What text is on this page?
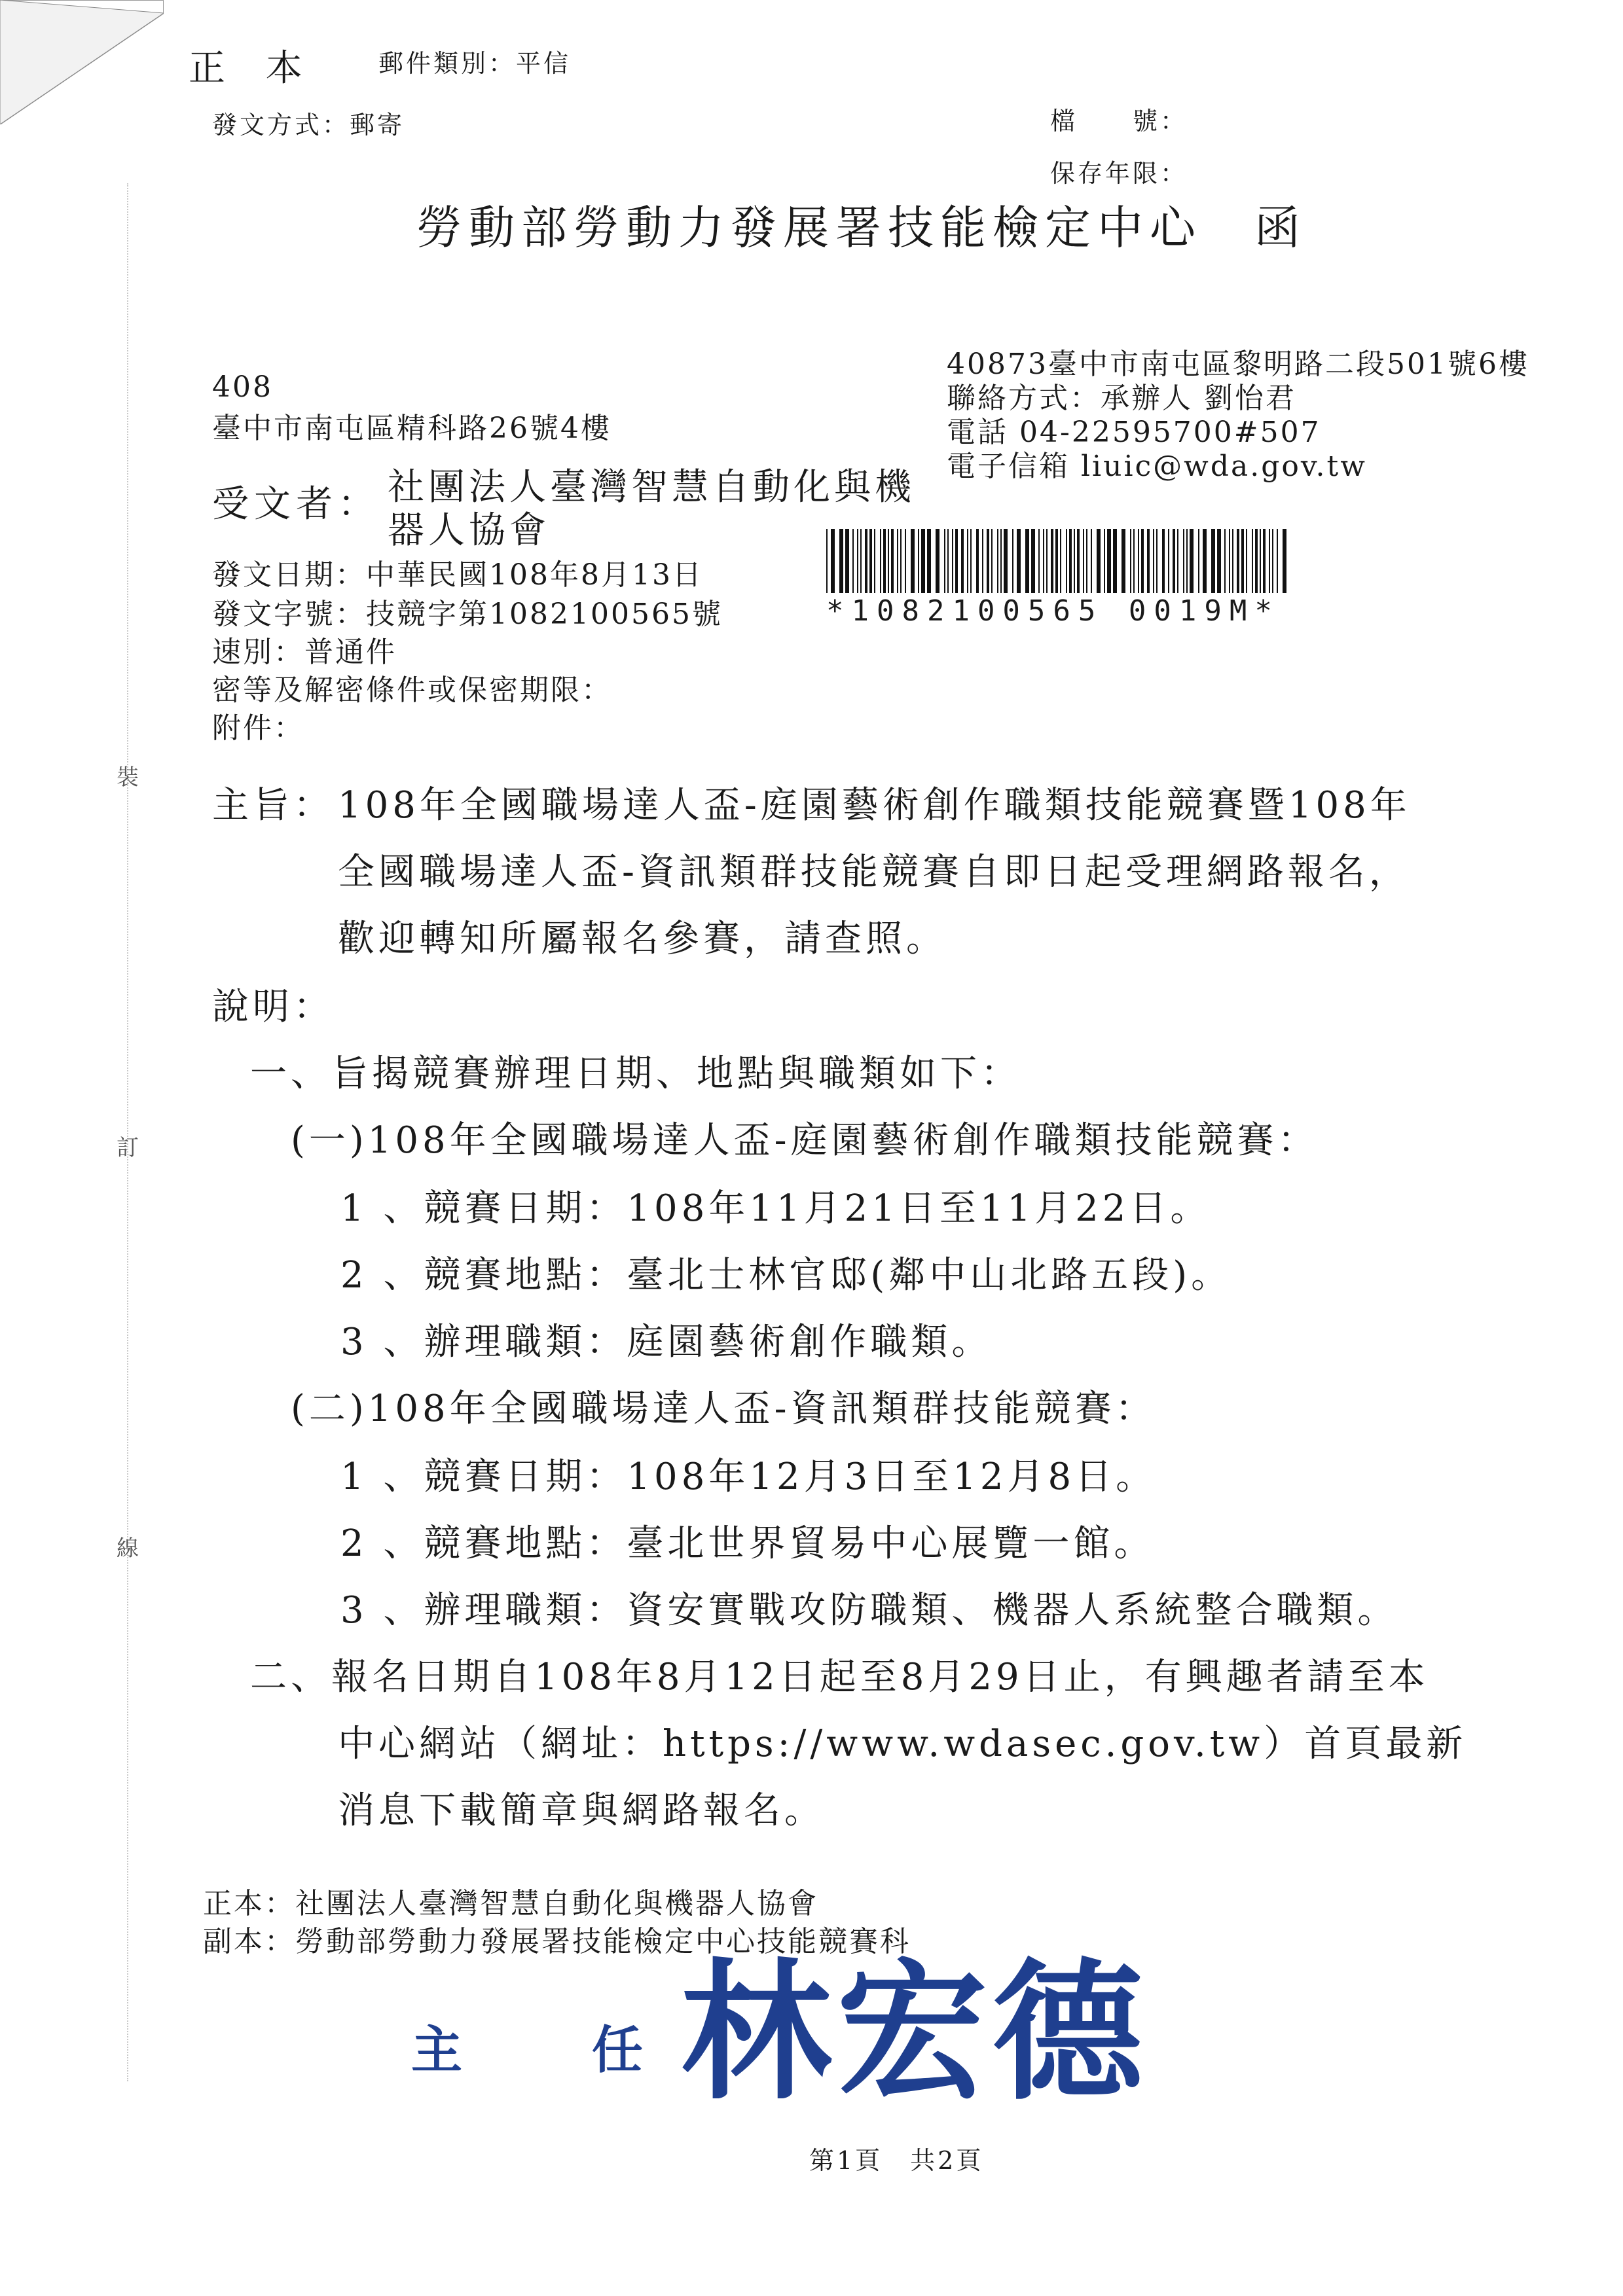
裝
訂
線
正 本 郵件類別：平信
發文方式：郵寄	檔　　號：
保存年限：
勞動部勞動力發展署技能檢定中心　函
40873臺中市南屯區黎明路二段501號6樓
聯絡方式：承辦人 劉怡君
電話 04-22595700#507
電子信箱 liuic@wda.gov.tw
408
臺中市南屯區精科路26號4樓
受文者： 社團法人臺灣智慧自動化與機
器人協會
發文日期：中華民國108年8月13日
發文字號：技競字第1082100565號
速別：普通件
密等及解密條件或保密期限：
附件：
*1082100565 0019M*
主旨： 108年全國職場達人盃-庭園藝術創作職類技能競賽暨108年
全國職場達人盃-資訊類群技能競賽自即日起受理網路報名，
歡迎轉知所屬報名參賽，請查照。
說明：
一、旨揭競賽辦理日期、地點與職類如下：
(一)108年全國職場達人盃-庭園藝術創作職類技能競賽：
1 、競賽日期：108年11月21日至11月22日。
2 、競賽地點：臺北士林官邸(鄰中山北路五段)。
3 、辦理職類：庭園藝術創作職類。
(二)108年全國職場達人盃-資訊類群技能競賽：
1 、競賽日期：108年12月3日至12月8日。
2 、競賽地點：臺北世界貿易中心展覽一館。
3 、辦理職類：資安實戰攻防職類、機器人系統整合職類。
二、報名日期自108年8月12日起至8月29日止，有興趣者請至本
中心網站（網址：https://www.wdasec.gov.tw）首頁最新
消息下載簡章與網路報名。
正本：社團法人臺灣智慧自動化與機器人協會
副本：勞動部勞動力發展署技能檢定中心技能競賽科
主　任
林宏德
第1頁　共2頁
